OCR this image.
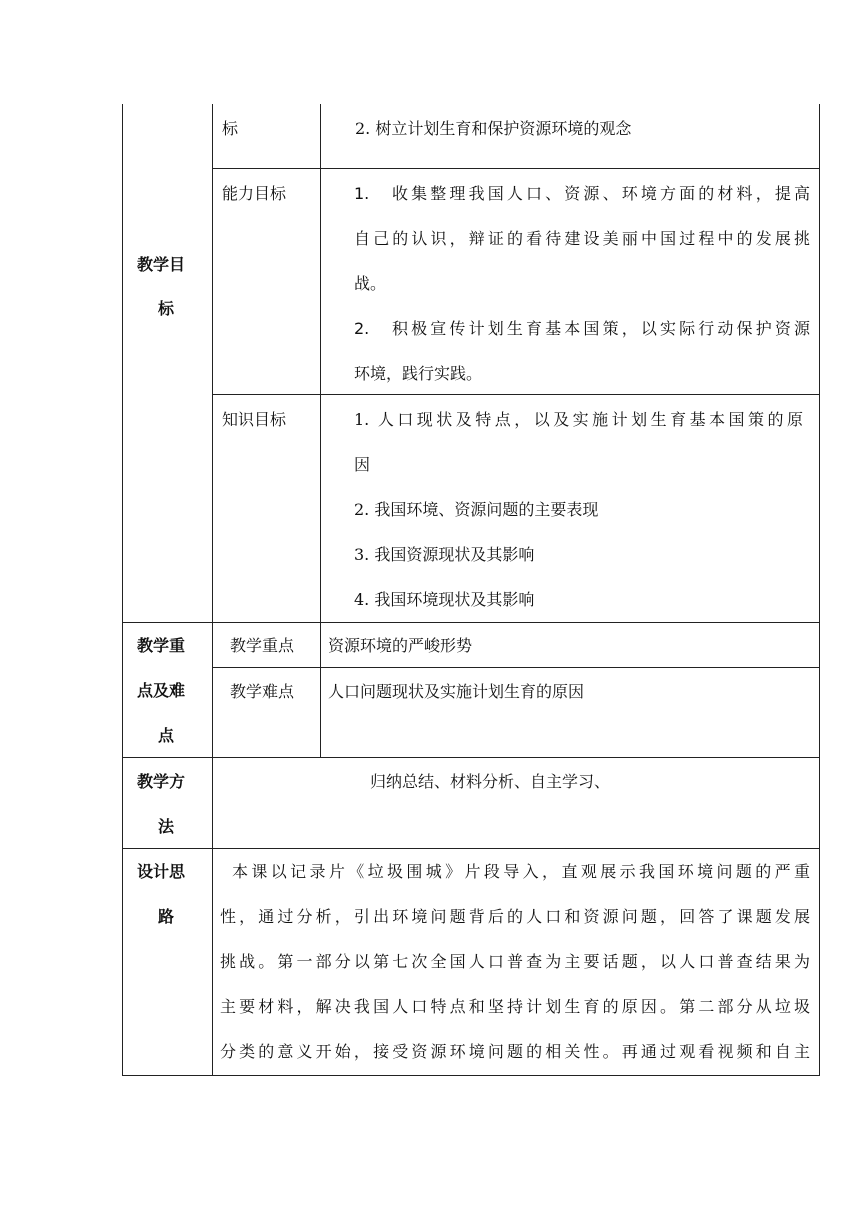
教学目
标
标	2. 树立计划生育和保护资源环境的观念
能力目标	1. 收集整理我国人口、资源、环境方面的材料，提高
自己的认识，辩证的看待建设美丽中国过程中的发展挑
战。
2. 积极宣传计划生育基本国策，以实际行动保护资源
环境，践行实践。
知识目标	1. 人口现状及特点，以及实施计划生育基本国策的原
因
2. 我国环境、资源问题的主要表现
3. 我国资源现状及其影响
4. 我国环境现状及其影响
教学重
点及难
点
教学重点 资源环境的严峻形势
教学难点 人口问题现状及实施计划生育的原因
教学方
法
归纳总结、材料分析、自主学习、
设计思
路
本课以记录片《垃圾围城》片段导入，直观展示我国环境问题的严重
性，通过分析，引出环境问题背后的人口和资源问题，回答了课题发展
挑战。第一部分以第七次全国人口普查为主要话题，以人口普查结果为
主要材料，解决我国人口特点和坚持计划生育的原因。第二部分从垃圾
分类的意义开始，接受资源环境问题的相关性。再通过观看视频和自主
